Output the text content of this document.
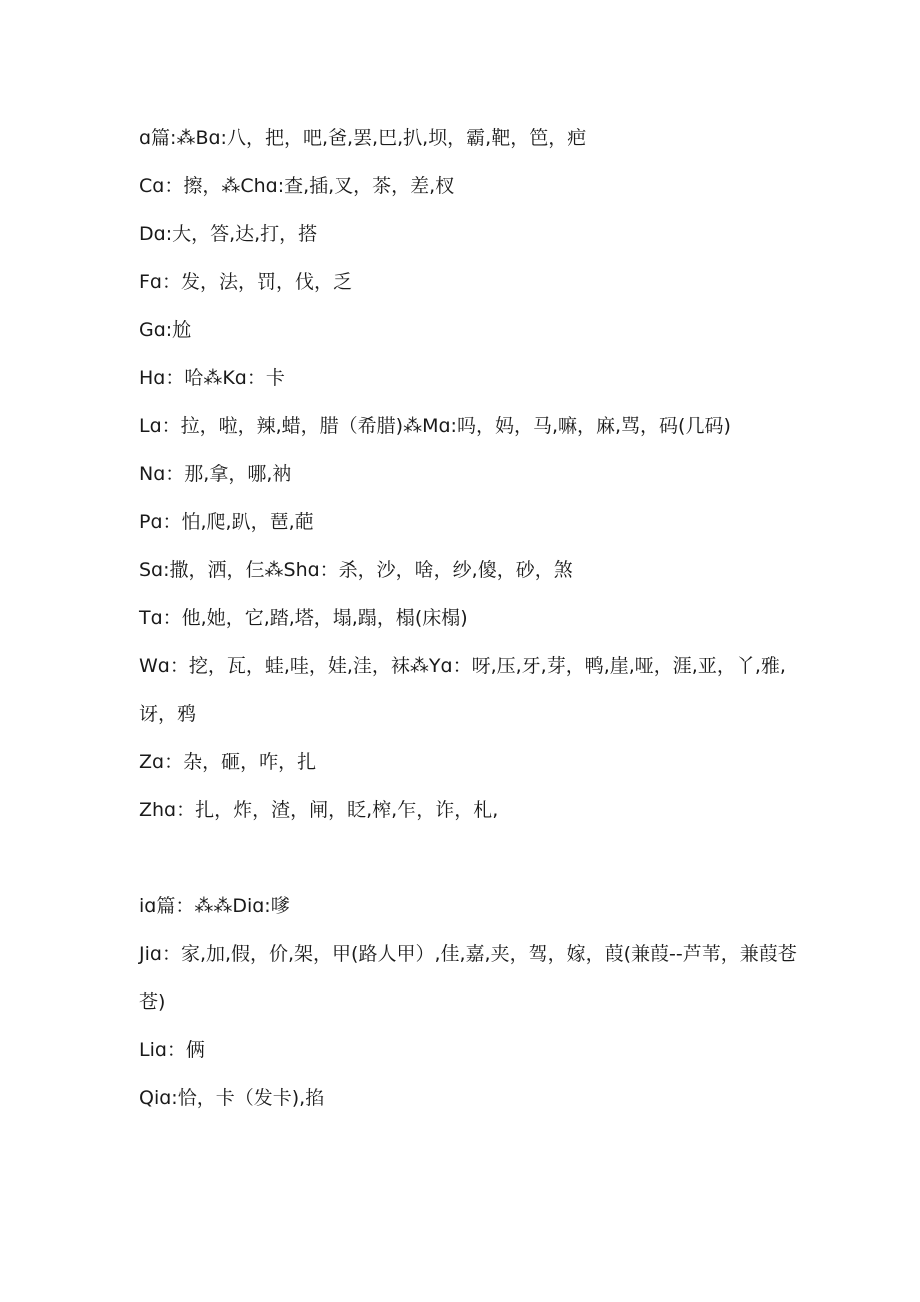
ɑ篇:⁂Bɑ:八，把，吧,爸,罢,巴,扒,坝，霸,靶，笆，疤

Cɑ：擦，⁂Chɑ:查,插,叉，茶，差,杈

Dɑ:大，答,达,打，搭

Fɑ：发，法，罚，伐，乏

Gɑ:尬

Hɑ：哈⁂Kɑ：卡

Lɑ：拉，啦，辣,蜡，腊（希腊)⁂Mɑ:吗，妈，马,嘛，麻,骂，码(几码)

Nɑ：那,拿，哪,衲

Pɑ：怕,爬,趴，琶,葩

Sɑ:撒，洒，仨⁂Shɑ：杀，沙，啥，纱,傻，砂，煞

Tɑ：他,她，它,踏,塔，塌,蹋，榻(床榻)

Wɑ：挖，瓦，蛙,哇，娃,洼，袜⁂Yɑ：呀,压,牙,芽，鸭,崖,哑，涯,亚，丫,雅,讶，鸦

Zɑ：杂，砸，咋，扎

Zhɑ：扎，炸，渣，闸，眨,榨,乍，诈，札,

iɑ篇：⁂⁂Diɑ:嗲

Jiɑ：家,加,假，价,架，甲(路人甲）,佳,嘉,夹，驾，嫁，葭(兼葭--芦苇，兼葭苍苍)

Liɑ：俩

Qiɑ:恰，卡（发卡),掐
